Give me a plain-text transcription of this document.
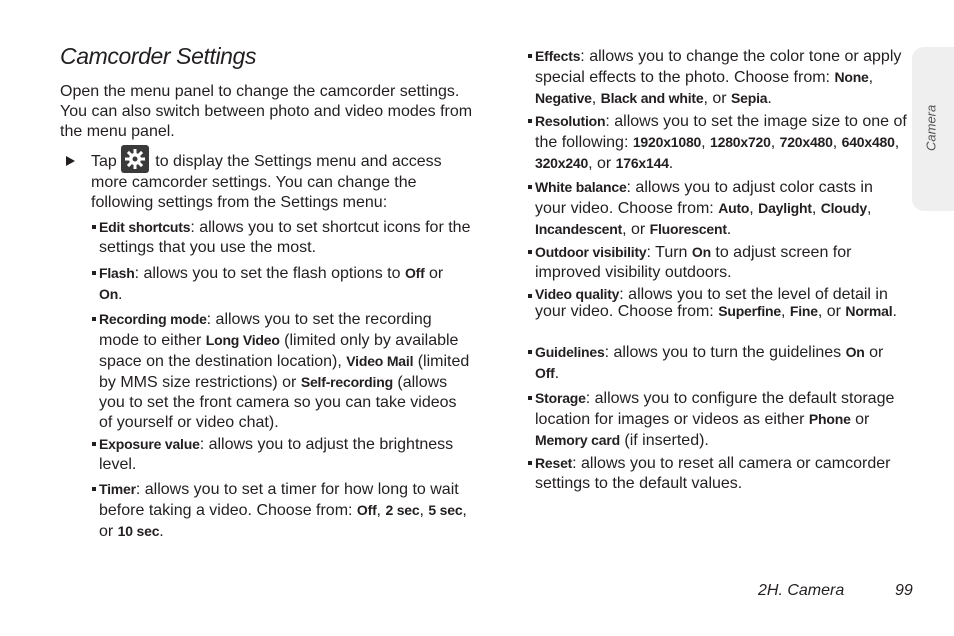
Camcorder Settings
Open the menu panel to change the camcorder settings. You can also switch between photo and video modes from the menu panel.
Tap to display the Settings menu and access more camcorder settings. You can change the following settings from the Settings menu:
Edit shortcuts: allows you to set shortcut icons for the settings that you use the most.
Flash: allows you to set the flash options to Off or On.
Recording mode: allows you to set the recording mode to either Long Video (limited only by available space on the destination location), Video Mail (limited by MMS size restrictions) or Self-recording (allows you to set the front camera so you can take videos of yourself or video chat).
Exposure value: allows you to adjust the brightness level.
Timer: allows you to set a timer for how long to wait before taking a video. Choose from: Off, 2 sec, 5 sec, or 10 sec.
Effects: allows you to change the color tone or apply special effects to the photo. Choose from: None, Negative, Black and white, or Sepia.
Resolution: allows you to set the image size to one of the following: 1920x1080, 1280x720, 720x480, 640x480, 320x240, or 176x144.
White balance: allows you to adjust color casts in your video. Choose from: Auto, Daylight, Cloudy, Incandescent, or Fluorescent.
Outdoor visibility: Turn On to adjust screen for improved visibility outdoors.
Video quality: allows you to set the level of detail in your video. Choose from: Superfine, Fine, or Normal.
Guidelines: allows you to turn the guidelines On or Off.
Storage: allows you to configure the default storage location for images or videos as either Phone or Memory card (if inserted).
Reset: allows you to reset all camera or camcorder settings to the default values.
Camera
2H. Camera	99
